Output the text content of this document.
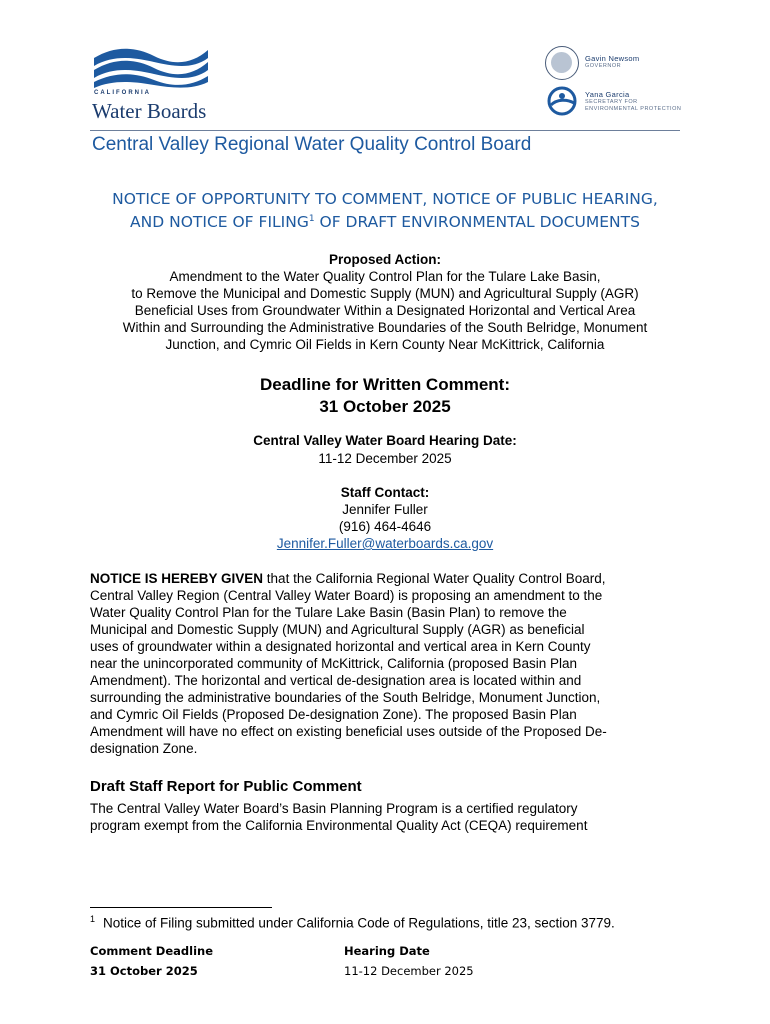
CALIFORNIA
Water Boards
Gavin Newsom
GOVERNOR
Yana Garcia
SECRETARY FOR
ENVIRONMENTAL PROTECTION
Central Valley Regional Water Quality Control Board
NOTICE OF OPPORTUNITY TO COMMENT, NOTICE OF PUBLIC HEARING,
AND NOTICE OF FILING$^1$ OF DRAFT ENVIRONMENTAL DOCUMENTS
Proposed Action:
Amendment to the Water Quality Control Plan for the Tulare Lake Basin,
to Remove the Municipal and Domestic Supply (MUN) and Agricultural Supply (AGR)
Beneficial Uses from Groundwater Within a Designated Horizontal and Vertical Area
Within and Surrounding the Administrative Boundaries of the South Belridge, Monument
Junction, and Cymric Oil Fields in Kern County Near McKittrick, California
Deadline for Written Comment:
31 October 2025
Central Valley Water Board Hearing Date:
11-12 December 2025
Staff Contact:
Jennifer Fuller
(916) 464-4646
Jennifer.Fuller@waterboards.ca.gov
NOTICE IS HEREBY GIVEN that the California Regional Water Quality Control Board,
Central Valley Region (Central Valley Water Board) is proposing an amendment to the
Water Quality Control Plan for the Tulare Lake Basin (Basin Plan) to remove the
Municipal and Domestic Supply (MUN) and Agricultural Supply (AGR) as beneficial
uses of groundwater within a designated horizontal and vertical area in Kern County
near the unincorporated community of McKittrick, California (proposed Basin Plan
Amendment). The horizontal and vertical de-designation area is located within and
surrounding the administrative boundaries of the South Belridge, Monument Junction,
and Cymric Oil Fields (Proposed De-designation Zone). The proposed Basin Plan
Amendment will have no effect on existing beneficial uses outside of the Proposed De-
designation Zone.
Draft Staff Report for Public Comment
The Central Valley Water Board’s Basin Planning Program is a certified regulatory
program exempt from the California Environmental Quality Act (CEQA) requirement
$^1$ Notice of Filing submitted under California Code of Regulations, title 23, section 3779.
Comment Deadline
31 October 2025
Hearing Date
11-12 December 2025
